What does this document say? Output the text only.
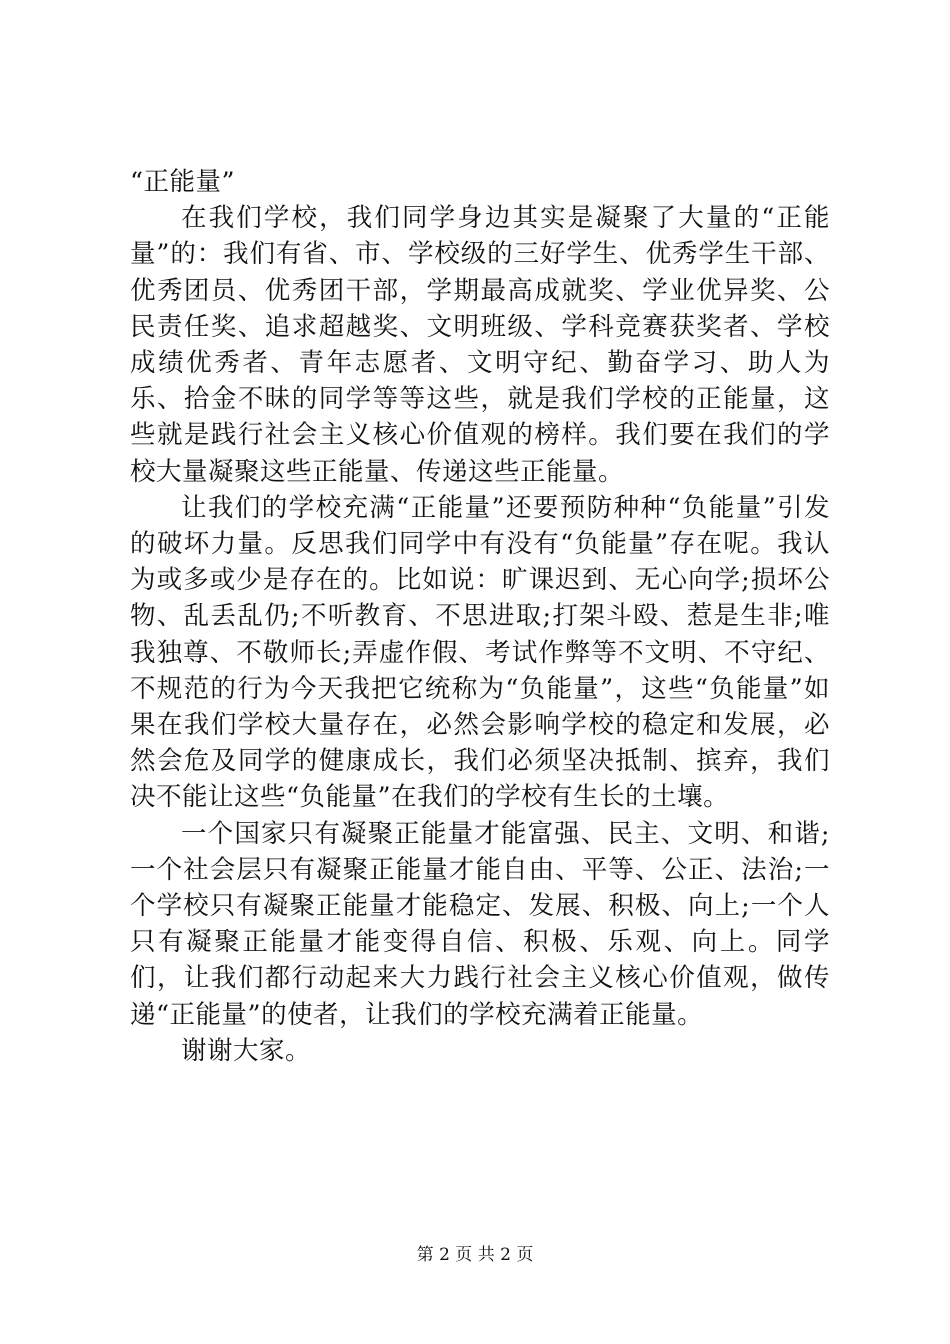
“正能量”

在我们学校，我们同学身边其实是凝聚了大量的“正能量”的：我们有省、市、学校级的三好学生、优秀学生干部、优秀团员、优秀团干部，学期最高成就奖、学业优异奖、公民责任奖、追求超越奖、文明班级、学科竞赛获奖者、学校成绩优秀者、青年志愿者、文明守纪、勤奋学习、助人为乐、拾金不昧的同学等等这些，就是我们学校的正能量，这些就是践行社会主义核心价值观的榜样。我们要在我们的学校大量凝聚这些正能量、传递这些正能量。

让我们的学校充满“正能量”还要预防种种“负能量”引发的破坏力量。反思我们同学中有没有“负能量”存在呢。我认为或多或少是存在的。比如说：旷课迟到、无心向学;损坏公物、乱丢乱仍;不听教育、不思进取;打架斗殴、惹是生非;唯我独尊、不敬师长;弄虚作假、考试作弊等不文明、不守纪、不规范的行为今天我把它统称为“负能量”，这些“负能量”如果在我们学校大量存在，必然会影响学校的稳定和发展，必然会危及同学的健康成长，我们必须坚决抵制、摈弃，我们决不能让这些“负能量”在我们的学校有生长的土壤。

一个国家只有凝聚正能量才能富强、民主、文明、和谐;一个社会层只有凝聚正能量才能自由、平等、公正、法治;一个学校只有凝聚正能量才能稳定、发展、积极、向上;一个人只有凝聚正能量才能变得自信、积极、乐观、向上。同学们，让我们都行动起来大力践行社会主义核心价值观，做传递“正能量”的使者，让我们的学校充满着正能量。

谢谢大家。

第 2 页 共 2 页
